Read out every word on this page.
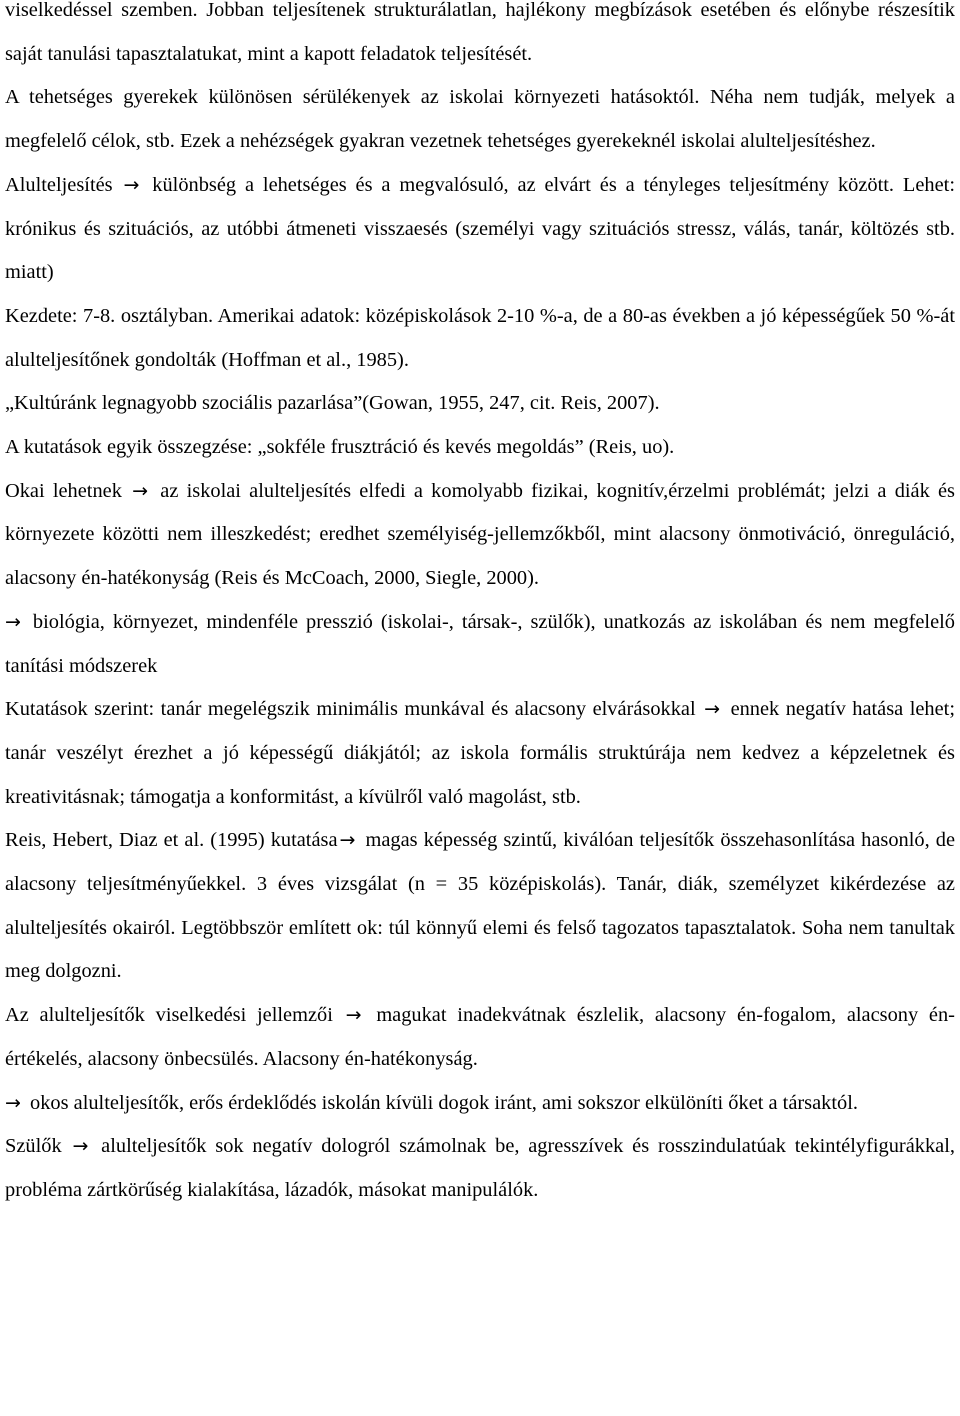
viselkedéssel szemben. Jobban teljesítenek strukturálatlan, hajlékony megbízások esetében és előnybe részesítik saját tanulási tapasztalatukat, mint a kapott feladatok teljesítését.

A tehetséges gyerekek különösen sérülékenyek az iskolai környezeti hatásoktól. Néha nem tudják, melyek a megfelelő célok, stb. Ezek a nehézségek gyakran vezetnek tehetséges gyerekeknél iskolai alulteljesítéshez.

Alulteljesítés → különbség a lehetséges és a megvalósuló, az elvárt és a tényleges teljesítmény között. Lehet: krónikus és szituációs, az utóbbi átmeneti visszaesés (személyi vagy szituációs stressz, válás, tanár, költözés stb. miatt)

Kezdete: 7-8. osztályban. Amerikai adatok: középiskolások 2-10 %-a, de a 80-as években a jó képességűek 50 %-át alulteljesítőnek gondolták (Hoffman et al., 1985).

„Kultúránk legnagyobb szociális pazarlása”(Gowan, 1955, 247, cit. Reis, 2007).

A kutatások egyik összegzése: „sokféle frusztráció és kevés megoldás” (Reis, uo).

Okai lehetnek → az iskolai alulteljesítés elfedi a komolyabb fizikai, kognitív,érzelmi problémát; jelzi a diák és környezete közötti nem illeszkedést; eredhet személyiség-jellemzőkből, mint alacsony önmotiváció, önreguláció, alacsony én-hatékonyság (Reis és McCoach, 2000, Siegle, 2000).

→ biológia, környezet, mindenféle presszió (iskolai-, társak-, szülők), unatkozás az iskolában és nem megfelelő tanítási módszerek

Kutatások szerint: tanár megelégszik minimális munkával és alacsony elvárásokkal → ennek negatív hatása lehet; tanár veszélyt érezhet a jó képességű diákjától; az iskola formális struktúrája nem kedvez a képzeletnek és kreativitásnak; támogatja a konformitást, a kívülről való magolást, stb.

Reis, Hebert, Diaz et al. (1995) kutatása → magas képesség szintű, kiválóan teljesítők összehasonlítása hasonló, de alacsony teljesítményűekkel. 3 éves vizsgálat (n = 35 középiskolás). Tanár, diák, személyzet kikérdezése az alulteljesítés okairól. Legtöbbször említett ok: túl könnyű elemi és felső tagozatos tapasztalatok. Soha nem tanultak meg dolgozni.

Az alulteljesítők viselkedési jellemzői → magukat inadekvátnak észlelik, alacsony én-fogalom, alacsony én-értékelés, alacsony önbecsülés. Alacsony én-hatékonyság.

→ okos alulteljesítők, erős érdeklődés iskolán kívüli dogok iránt, ami sokszor elkülöníti őket a társaktól.

Szülők → alulteljesítők sok negatív dologról számolnak be, agresszívek és rosszindulatúak tekintélyfigurákkal, probléma zártkörűség kialakítása, lázadók, másokat manipulálók.
